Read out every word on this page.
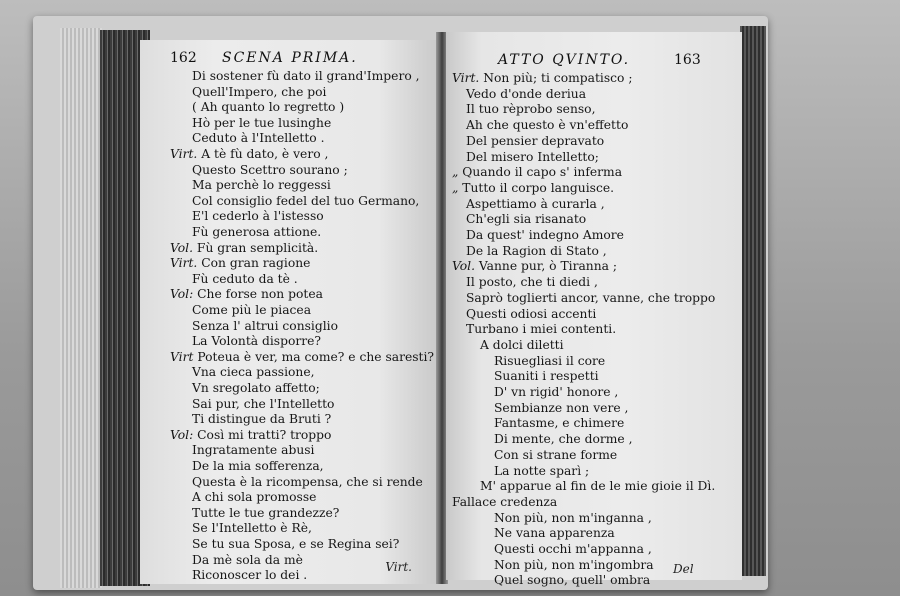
162 SCENA PRIMA.
Di sostener fù dato il grand'Impero ,
Quell'Impero, che poi
( Ah quanto lo regretto )
Hò per le tue lusinghe
Ceduto à l'Intelletto .
Virt. A tè fù dato, è vero ,
Questo Scettro sourano ;
Ma perchè lo reggessi
Col consiglio fedel del tuo Germano,
E'l cederlo à l'istesso
Fù generosa attione.
Vol. Fù gran semplicità.
Virt. Con gran ragione
Fù ceduto da tè .
Vol: Che forse non potea
Come più le piacea
Senza l' altrui consiglio
La Volontà disporre?
Virt Poteua è ver, ma come? e che saresti?
Vna cieca passione,
Vn sregolato affetto;
Sai pur, che l'Intelletto
Ti distingue da Bruti ?
Vol: Così mi tratti? troppo
Ingratamente abusi
De la mia sofferenza,
Questa è la ricompensa, che si rende
A chi sola promosse
Tutte le tue grandezze?
Se l'Intelletto è Rè,
Se tu sua Sposa, e se Regina sei?
Da mè sola da mè
Riconoscer lo dei .
Virt.
ATTO QVINTO.	163
Virt. Non più; ti compatisco ;
Vedo d'onde deriua
Il tuo rèprobo senso,
Ah che questo è vn'effetto
Del pensier depravato
Del misero Intelletto;
„ Quando il capo s' inferma
„ Tutto il corpo languisce.
Aspettiamo à curarla ,
Ch'egli sia risanato
Da quest' indegno Amore
De la Ragion di Stato ,
Vol. Vanne pur, ò Tiranna ;
Il posto, che ti diedi ,
Saprò toglierti ancor, vanne, che troppo
Questi odiosi accenti
Turbano i miei contenti.
A dolci diletti
Risuegliasi il core
Suaniti i respetti
D' vn rigid' honore ,
Sembianze non vere ,
Fantasme, e chimere
Di mente, che dorme ,
Con si strane forme
La notte sparì ;
M' apparue al fin de le mie gioie il Dì.
Fallace credenza
Non più, non m'inganna ,
Ne vana apparenza
Questi occhi m'appanna ,
Non più, non m'ingombra
Quel sogno, quell' ombra
Del
